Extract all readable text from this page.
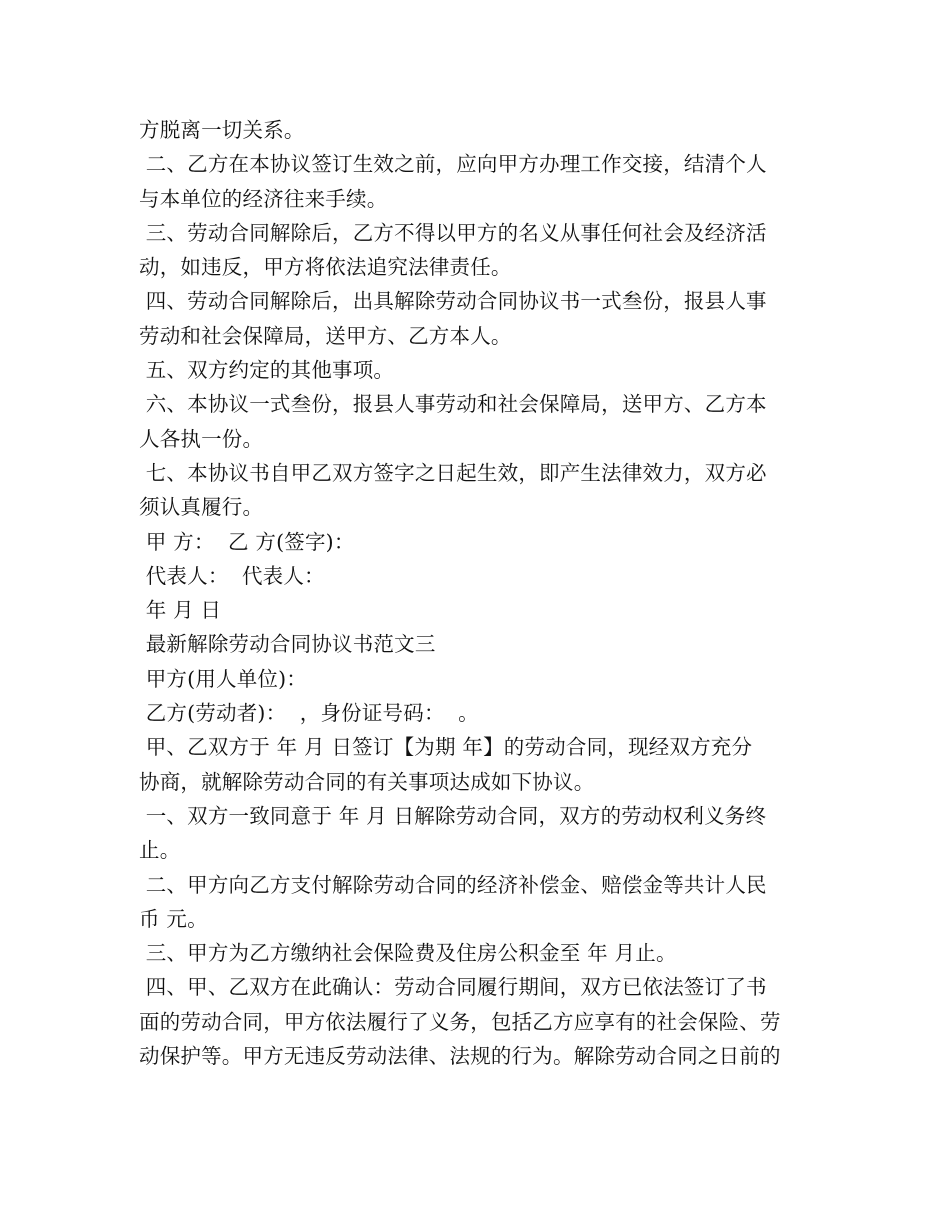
方脱离一切关系。
二、乙方在本协议签订生效之前，应向甲方办理工作交接，结清个人
与本单位的经济往来手续。
三、劳动合同解除后，乙方不得以甲方的名义从事任何社会及经济活
动，如违反，甲方将依法追究法律责任。
四、劳动合同解除后，出具解除劳动合同协议书一式叁份，报县人事
劳动和社会保障局，送甲方、乙方本人。
五、双方约定的其他事项。
六、本协议一式叁份，报县人事劳动和社会保障局，送甲方、乙方本
人各执一份。
七、本协议书自甲乙双方签字之日起生效，即产生法律效力，双方必
须认真履行。
甲 方：  乙 方(签字)：
代表人：  代表人：
年 月 日
最新解除劳动合同协议书范文三
甲方(用人单位)：
乙方(劳动者)：  ，身份证号码：  。
甲、乙双方于 年 月 日签订【为期 年】的劳动合同，现经双方充分
协商，就解除劳动合同的有关事项达成如下协议。
一、双方一致同意于 年 月 日解除劳动合同，双方的劳动权利义务终
止。
二、甲方向乙方支付解除劳动合同的经济补偿金、赔偿金等共计人民
币 元。
三、甲方为乙方缴纳社会保险费及住房公积金至 年 月止。
四、甲、乙双方在此确认：劳动合同履行期间，双方已依法签订了书
面的劳动合同，甲方依法履行了义务，包括乙方应享有的社会保险、劳
动保护等。甲方无违反劳动法律、法规的行为。解除劳动合同之日前的
